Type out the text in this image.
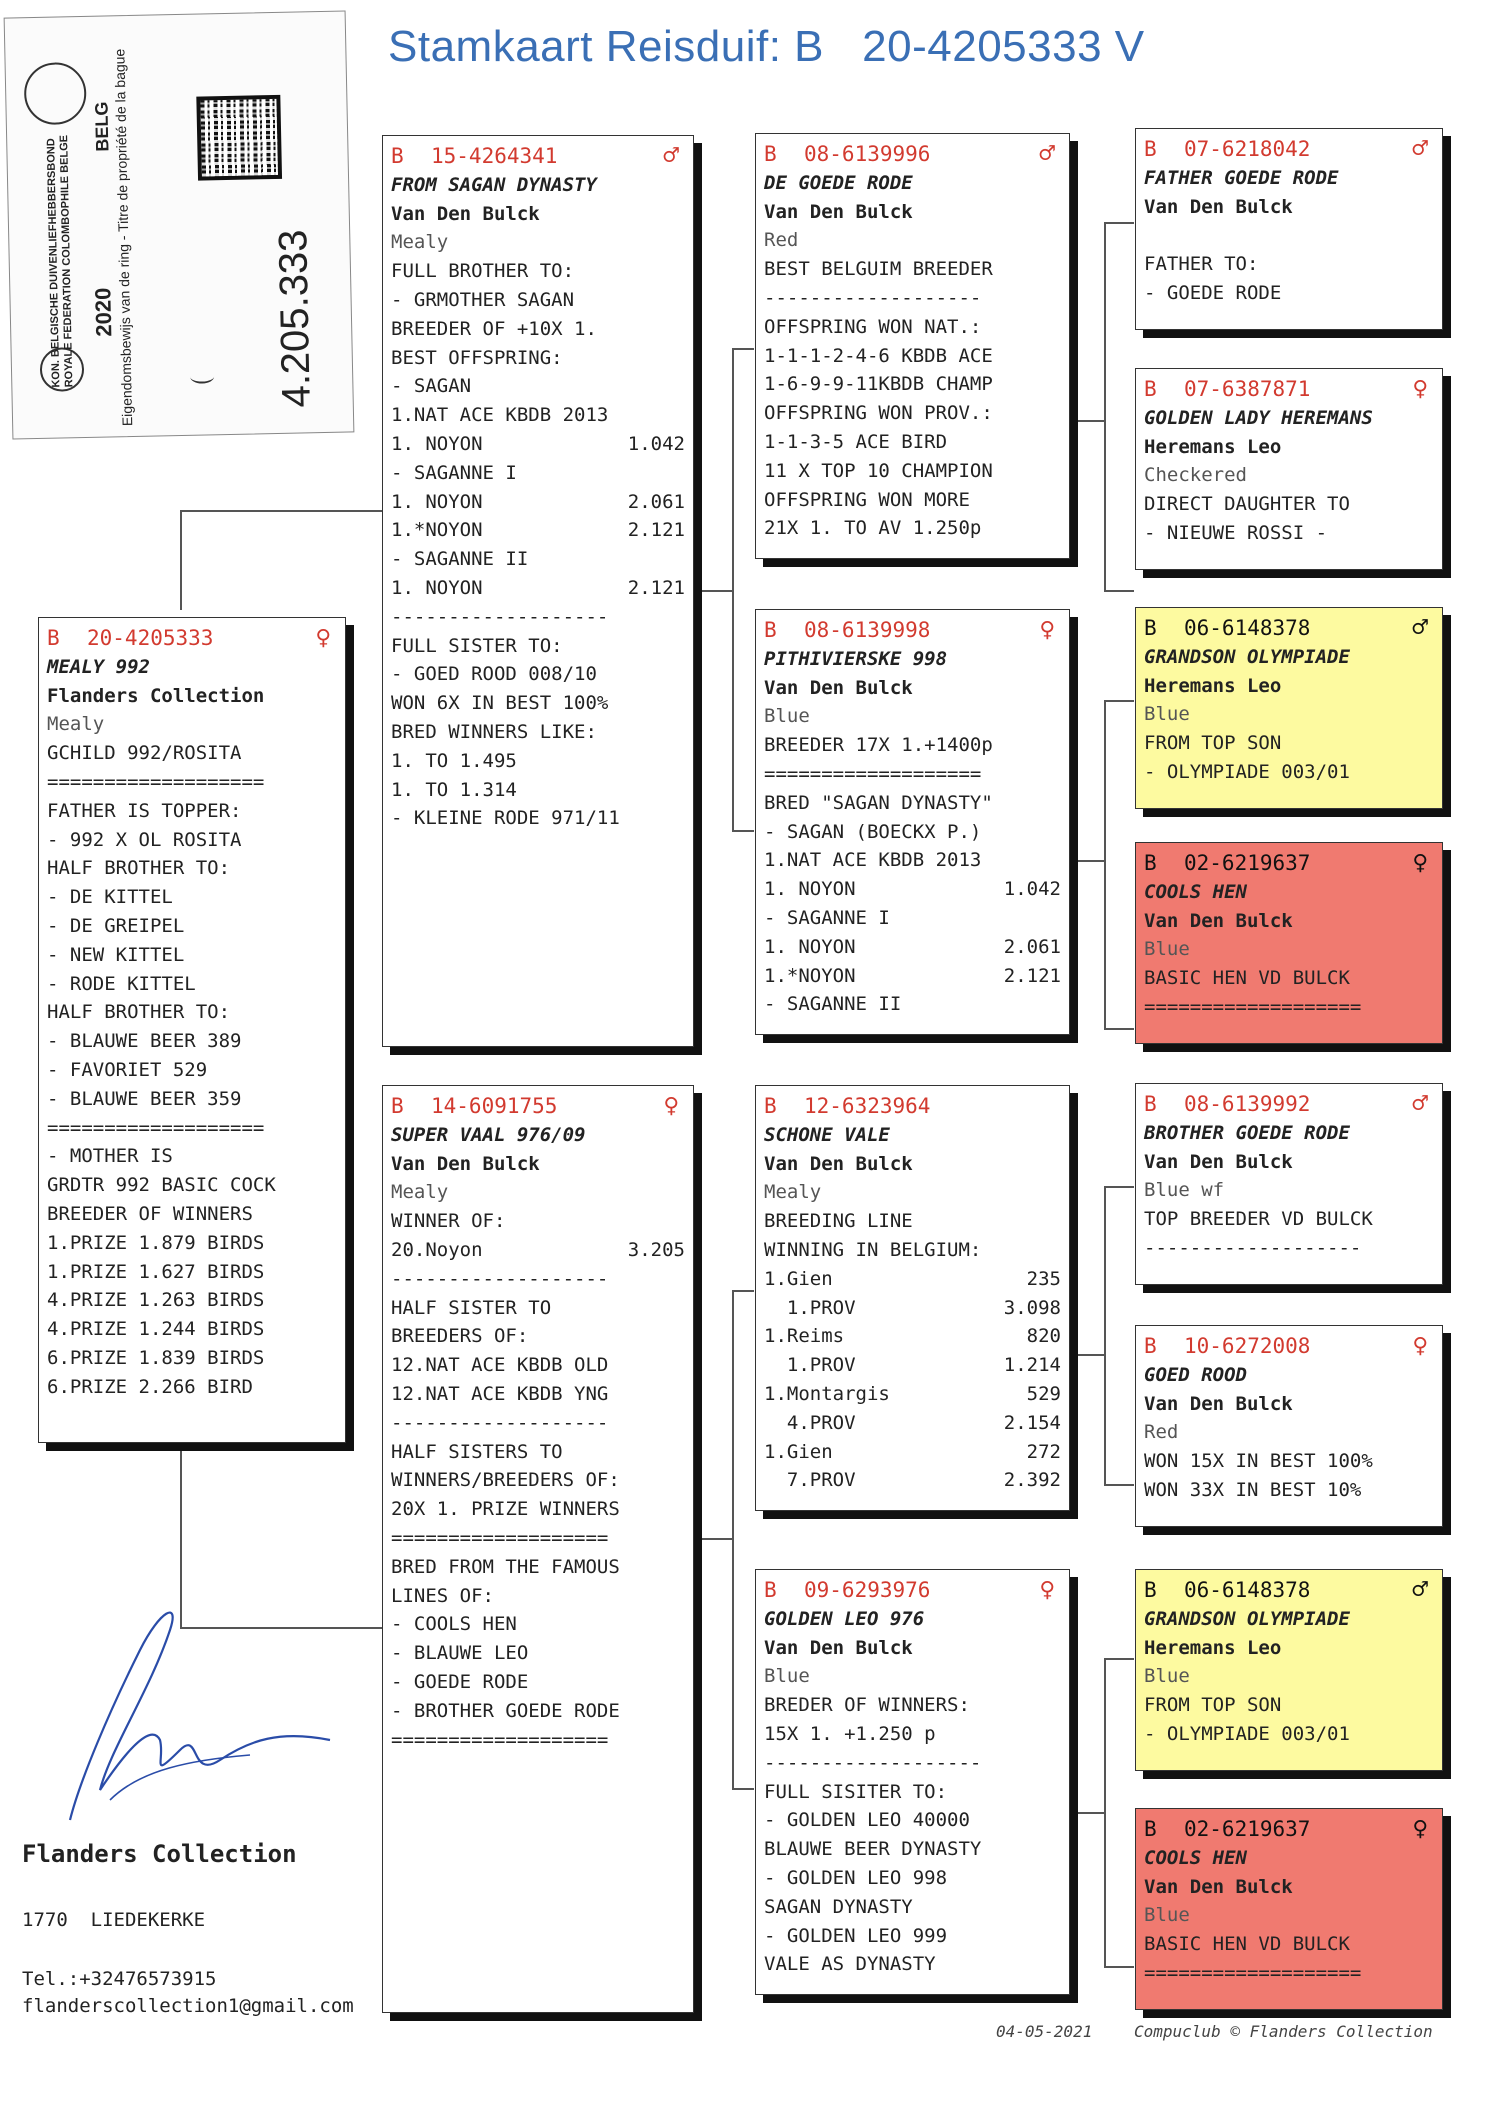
Stamkaart Reisduif: B   20-4205333 V
KON. BELGISCHE DUIVENLIEFHEBBERSBOND
ROYALE FEDERATION COLOMBOPHILE BELGE 2020
BELG
Eigendomsbewijs van de ring - Titre de propriété de la bague	4.205.333
B	20-4205333	♀
MEALY 992
Flanders Collection
Mealy
GCHILD 992/ROSITA
===================
FATHER IS TOPPER:
- 992 X OL ROSITA
HALF BROTHER TO:
- DE KITTEL
- DE GREIPEL
- NEW KITTEL
- RODE KITTEL
HALF BROTHER TO:
- BLAUWE BEER 389
- FAVORIET 529
- BLAUWE BEER 359
===================
- MOTHER IS
GRDTR 992 BASIC COCK
BREEDER OF WINNERS
1.PRIZE 1.879 BIRDS
1.PRIZE 1.627 BIRDS
4.PRIZE 1.263 BIRDS
4.PRIZE 1.244 BIRDS
6.PRIZE 1.839 BIRDS
6.PRIZE 2.266 BIRD
B	15-4264341	♂
FROM SAGAN DYNASTY
Van Den Bulck
Mealy
FULL BROTHER TO:
- GRMOTHER SAGAN
BREEDER OF +10X 1.
BEST OFFSPRING:
- SAGAN
1.NAT ACE KBDB 2013
1. NOYON	1.042
- SAGANNE I
1. NOYON	2.061
1.*NOYON	2.121
- SAGANNE II
1. NOYON	2.121
-------------------
FULL SISTER TO:
- GOED ROOD 008/10
WON 6X IN BEST 100%
BRED WINNERS LIKE:
1. TO 1.495
1. TO 1.314
- KLEINE RODE 971/11
B	14-6091755	♀
SUPER VAAL 976/09
Van Den Bulck
Mealy
WINNER OF:
20.Noyon	3.205
-------------------
HALF SISTER TO
BREEDERS OF:
12.NAT ACE KBDB OLD
12.NAT ACE KBDB YNG
-------------------
HALF SISTERS TO
WINNERS/BREEDERS OF:
20X 1. PRIZE WINNERS
===================
BRED FROM THE FAMOUS
LINES OF:
- COOLS HEN
- BLAUWE LEO
- GOEDE RODE
- BROTHER GOEDE RODE
===================
B	08-6139996	♂
DE GOEDE RODE
Van Den Bulck
Red
BEST BELGUIM BREEDER
-------------------
OFFSPRING WON NAT.:
1-1-1-2-4-6 KBDB ACE
1-6-9-9-11KBDB CHAMP
OFFSPRING WON PROV.:
1-1-3-5 ACE BIRD
11 X TOP 10 CHAMPION
OFFSPRING WON MORE
21X 1. TO AV 1.250p
B	08-6139998	♀
PITHIVIERSKE 998
Van Den Bulck
Blue
BREEDER 17X 1.+1400p
===================
BRED "SAGAN DYNASTY"
- SAGAN (BOECKX P.)
1.NAT ACE KBDB 2013
1. NOYON	1.042
- SAGANNE I
1. NOYON	2.061
1.*NOYON	2.121
- SAGANNE II
B	12-6323964
SCHONE VALE
Van Den Bulck
Mealy
BREEDING LINE
WINNING IN BELGIUM:
1.Gien	235
1.PROV	3.098
1.Reims	820
1.PROV	1.214
1.Montargis	529
4.PROV	2.154
1.Gien	272
7.PROV	2.392
B	09-6293976	♀
GOLDEN LEO 976
Van Den Bulck
Blue
BREDER OF WINNERS:
15X 1. +1.250 p
-------------------
FULL SISITER TO:
- GOLDEN LEO 40000
BLAUWE BEER DYNASTY
- GOLDEN LEO 998
SAGAN DYNASTY
- GOLDEN LEO 999
VALE AS DYNASTY
B	07-6218042	♂
FATHER GOEDE RODE
Van Den Bulck
FATHER TO:
- GOEDE RODE
B	07-6387871	♀
GOLDEN LADY HEREMANS
Heremans Leo
Checkered
DIRECT DAUGHTER TO
- NIEUWE ROSSI -
B	06-6148378	♂
GRANDSON OLYMPIADE
Heremans Leo
Blue
FROM TOP SON
- OLYMPIADE 003/01
B	02-6219637	♀
COOLS HEN
Van Den Bulck
Blue
BASIC HEN VD BULCK
===================
B	08-6139992	♂
BROTHER GOEDE RODE
Van Den Bulck
Blue wf
TOP BREEDER VD BULCK
-------------------
B	10-6272008	♀
GOED ROOD
Van Den Bulck
Red
WON 15X IN BEST 100%
WON 33X IN BEST 10%
B	06-6148378	♂
GRANDSON OLYMPIADE
Heremans Leo
Blue
FROM TOP SON
- OLYMPIADE 003/01
B	02-6219637	♀
COOLS HEN
Van Den Bulck
Blue
BASIC HEN VD BULCK
===================
Flanders Collection
1770  LIEDEKERKE
Tel.:+32476573915
flanderscollection1@gmail.com
04-05-2021	Compuclub © Flanders Collection
